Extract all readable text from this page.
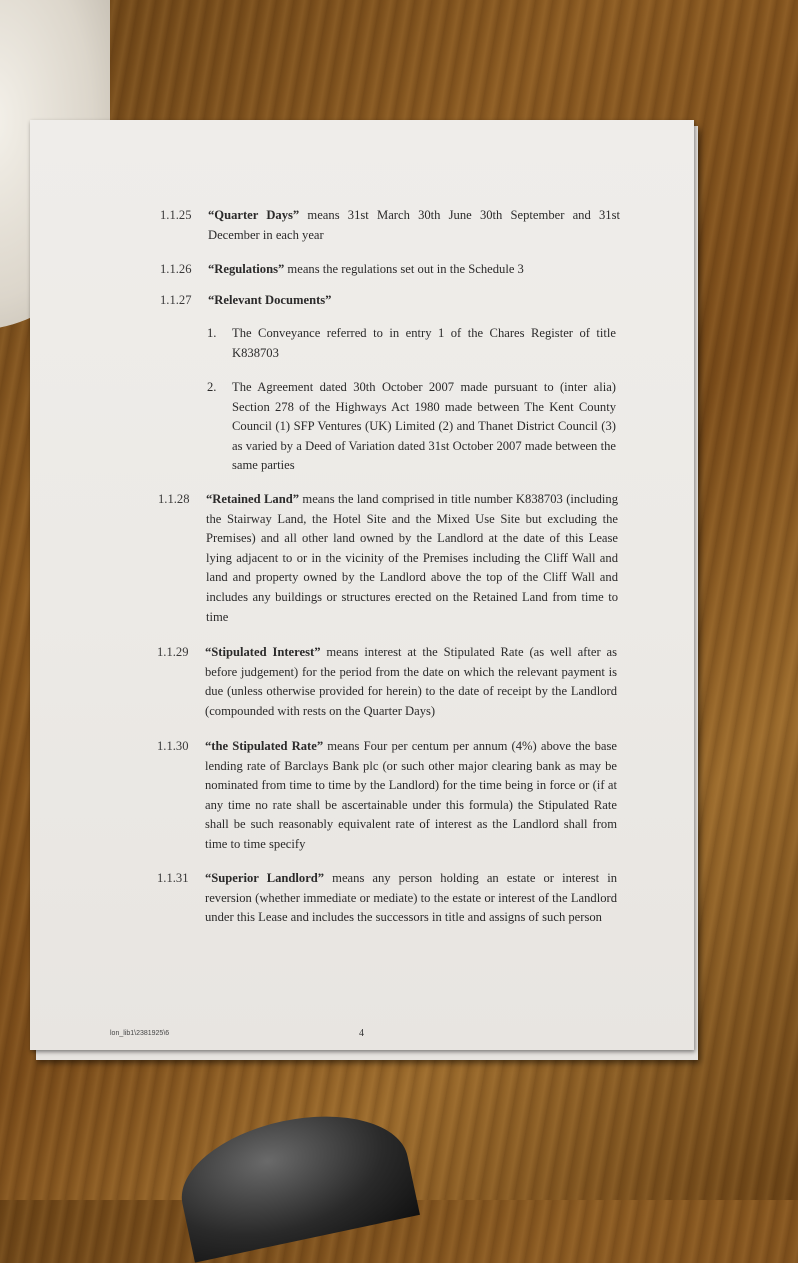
1.1.25 “Quarter Days” means 31st March 30th June 30th September and 31st December in each year
1.1.26 “Regulations” means the regulations set out in the Schedule 3
1.1.27 “Relevant Documents”
1. The Conveyance referred to in entry 1 of the Chares Register of title K838703
2. The Agreement dated 30th October 2007 made pursuant to (inter alia) Section 278 of the Highways Act 1980 made between The Kent County Council (1) SFP Ventures (UK) Limited (2) and Thanet District Council (3) as varied by a Deed of Variation dated 31st October 2007 made between the same parties
1.1.28 “Retained Land” means the land comprised in title number K838703 (including the Stairway Land, the Hotel Site and the Mixed Use Site but excluding the Premises) and all other land owned by the Landlord at the date of this Lease lying adjacent to or in the vicinity of the Premises including the Cliff Wall and land and property owned by the Landlord above the top of the Cliff Wall and includes any buildings or structures erected on the Retained Land from time to time
1.1.29 “Stipulated Interest” means interest at the Stipulated Rate (as well after as before judgement) for the period from the date on which the relevant payment is due (unless otherwise provided for herein) to the date of receipt by the Landlord (compounded with rests on the Quarter Days)
1.1.30 “the Stipulated Rate” means Four per centum per annum (4%) above the base lending rate of Barclays Bank plc (or such other major clearing bank as may be nominated from time to time by the Landlord) for the time being in force or (if at any time no rate shall be ascertainable under this formula) the Stipulated Rate shall be such reasonably equivalent rate of interest as the Landlord shall from time to time specify
1.1.31 “Superior Landlord” means any person holding an estate or interest in reversion (whether immediate or mediate) to the estate or interest of the Landlord under this Lease and includes the successors in title and assigns of such person
lon_lib1\2381925\6	4
